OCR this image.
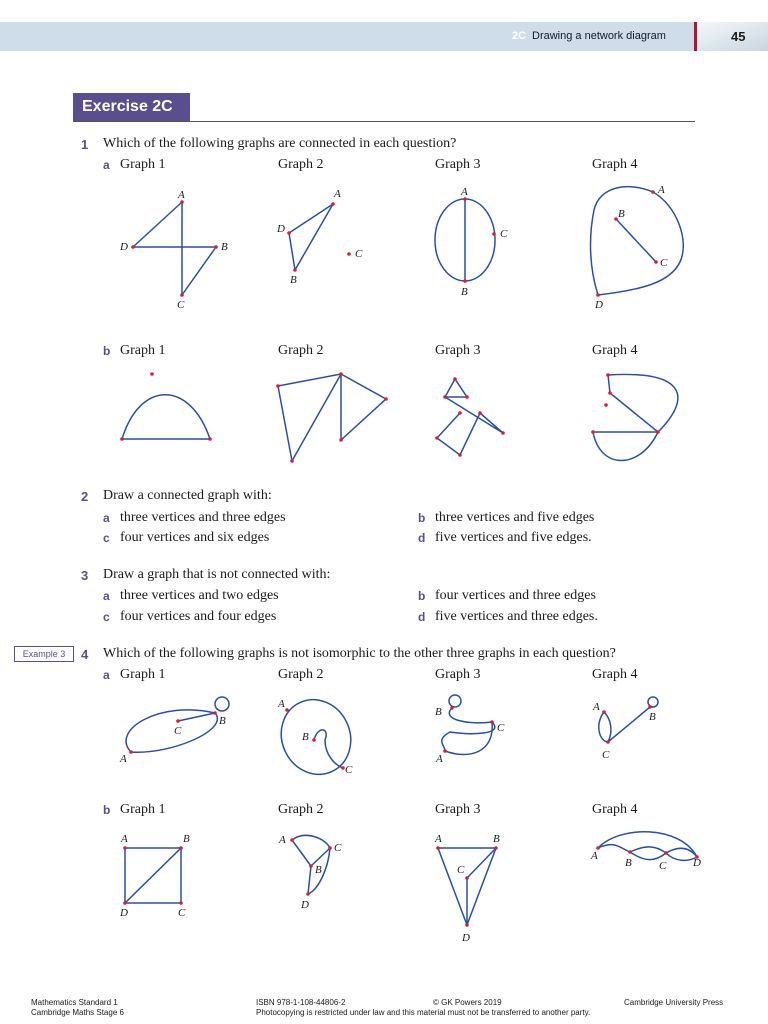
2C Drawing a network diagram	45
Exercise 2C
1 Which of the following graphs are connected in each question?
a Graph 1	Graph 2	Graph 3	Graph 4
A
D	B
C
A
D
B
C
A
C
B
A
B
C
D
b Graph 1	Graph 2	Graph 3	Graph 4
2 Draw a connected graph with:
a three vertices and three edges	b three vertices and five edges
c four vertices and six edges	d five vertices and five edges.
3 Draw a graph that is not connected with:
a three vertices and two edges	b four vertices and three edges
c four vertices and four edges	d five vertices and three edges.
Example 3	4 Which of the following graphs is not isomorphic to the other three graphs in each question?
a Graph 1	Graph 2	Graph 3	Graph 4
A
C
B
A
B
C
B
C
A
A
B
C
b Graph 1	Graph 2	Graph 3	Graph 4
A	B
D	C
A
C
B
D
A	B
C
D
A
B C D
Mathematics Standard 1
Cambridge Maths Stage 6
ISBN 978-1-108-44806-2	© GK Powers 2019	Cambridge University Press
Photocopying is restricted under law and this material must not be transferred to another party.
